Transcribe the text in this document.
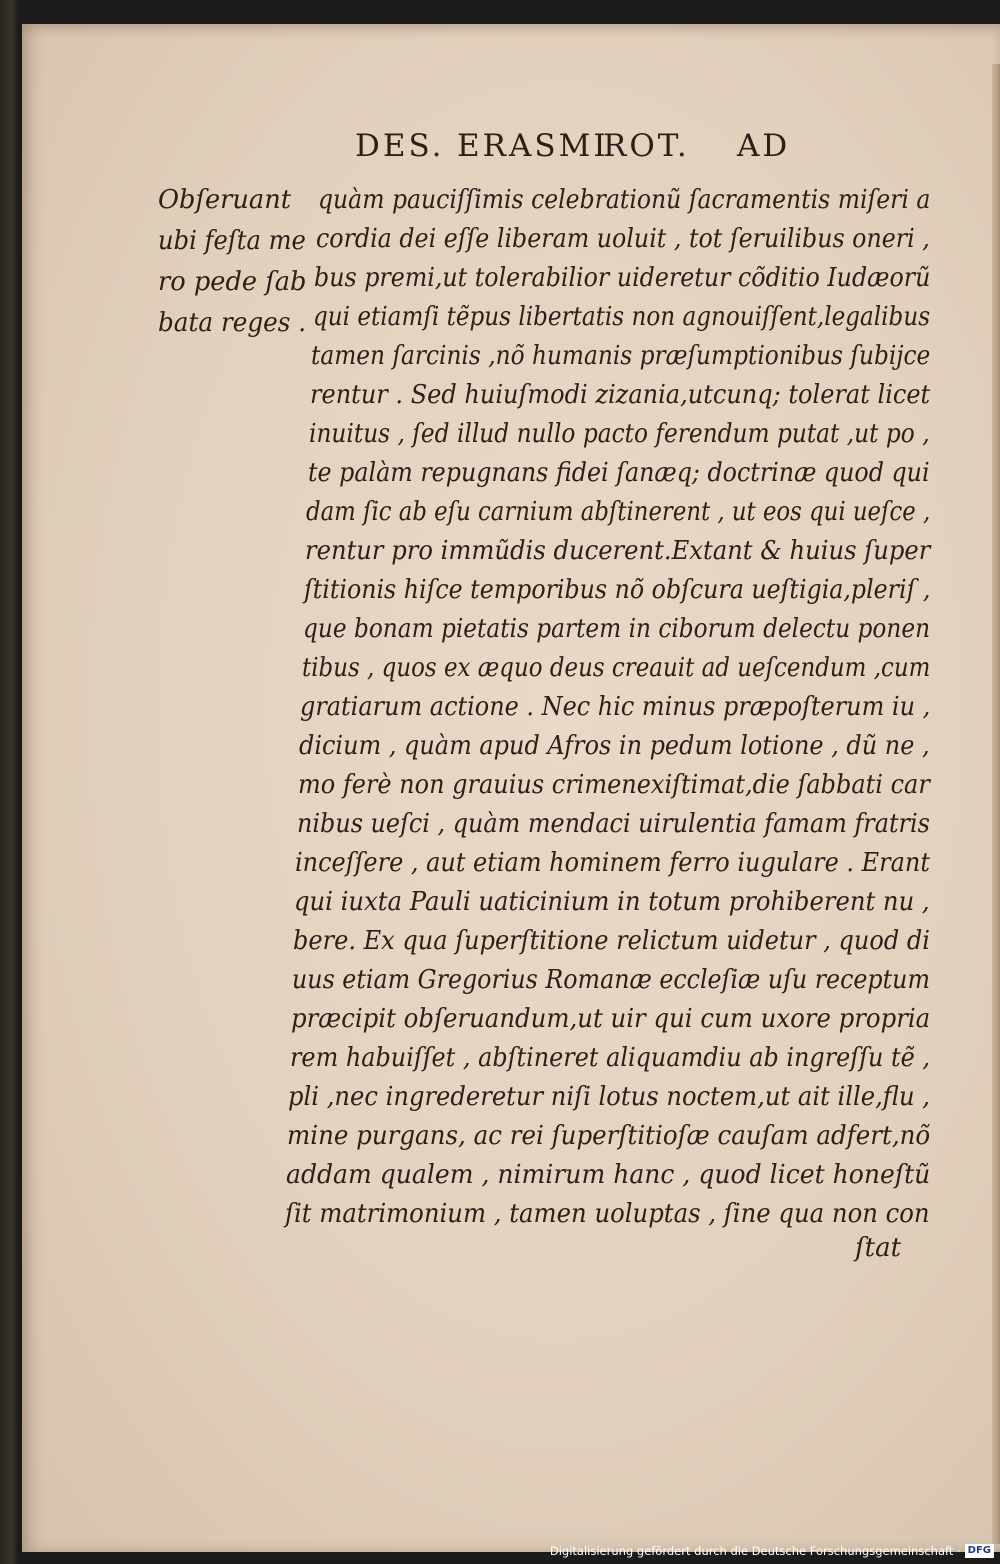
DES. ERASMI
ROT. AD
Obſeruant
ubi feſta me
ro pede ſab
bata reges .
quàm pauciſſimis celebrationũ ſacramentis miſeri a
cordia dei eſſe liberam uoluit , tot ſeruilibus oneri ,
bus premi,ut tolerabilior uideretur cõditio Iudæorũ
qui etiamſi tẽpus libertatis non agnouiſſent,legalibus
tamen ſarcinis ,nõ humanis præſumptionibus ſubijce
rentur . Sed huiuſmodi zizania,utcunq; tolerat licet
inuitus , ſed illud nullo pacto ferendum putat ,ut po ,
te palàm repugnans fidei ſanæq; doctrinæ quod qui
dam ſic ab eſu carnium abſtinerent , ut eos qui ueſce ,
rentur pro immũdis ducerent.Extant & huius ſuper
ſtitionis hiſce temporibus nõ obſcura ueſtigia,pleriſ ,
que bonam pietatis partem in ciborum delectu ponen
tibus , quos ex æquo deus creauit ad ueſcendum ,cum
gratiarum actione . Nec hic minus præpoſterum iu ,
dicium , quàm apud Afros in pedum lotione , dũ ne ,
mo ferè non grauius crimenexiſtimat,die ſabbati car
nibus ueſci , quàm mendaci uirulentia famam fratris
inceſſere , aut etiam hominem ferro iugulare . Erant
qui iuxta Pauli uaticinium in totum prohiberent nu ,
bere. Ex qua ſuperſtitione relictum uidetur , quod di
uus etiam Gregorius Romanæ eccleſiæ uſu receptum
præcipit obſeruandum,ut uir qui cum uxore propria
rem habuiſſet , abſtineret aliquamdiu ab ingreſſu tẽ ,
pli ,nec ingrederetur niſi lotus noctem,ut ait ille,flu ,
mine purgans, ac rei ſuperſtitioſæ cauſam adfert,nõ
addam qualem , nimirum hanc , quod licet honeſtũ
ſit matrimonium , tamen uoluptas , ſine qua non con
ſtat
Digitalisierung gefördert durch die Deutsche Forschungsgemeinschaft · DFG
